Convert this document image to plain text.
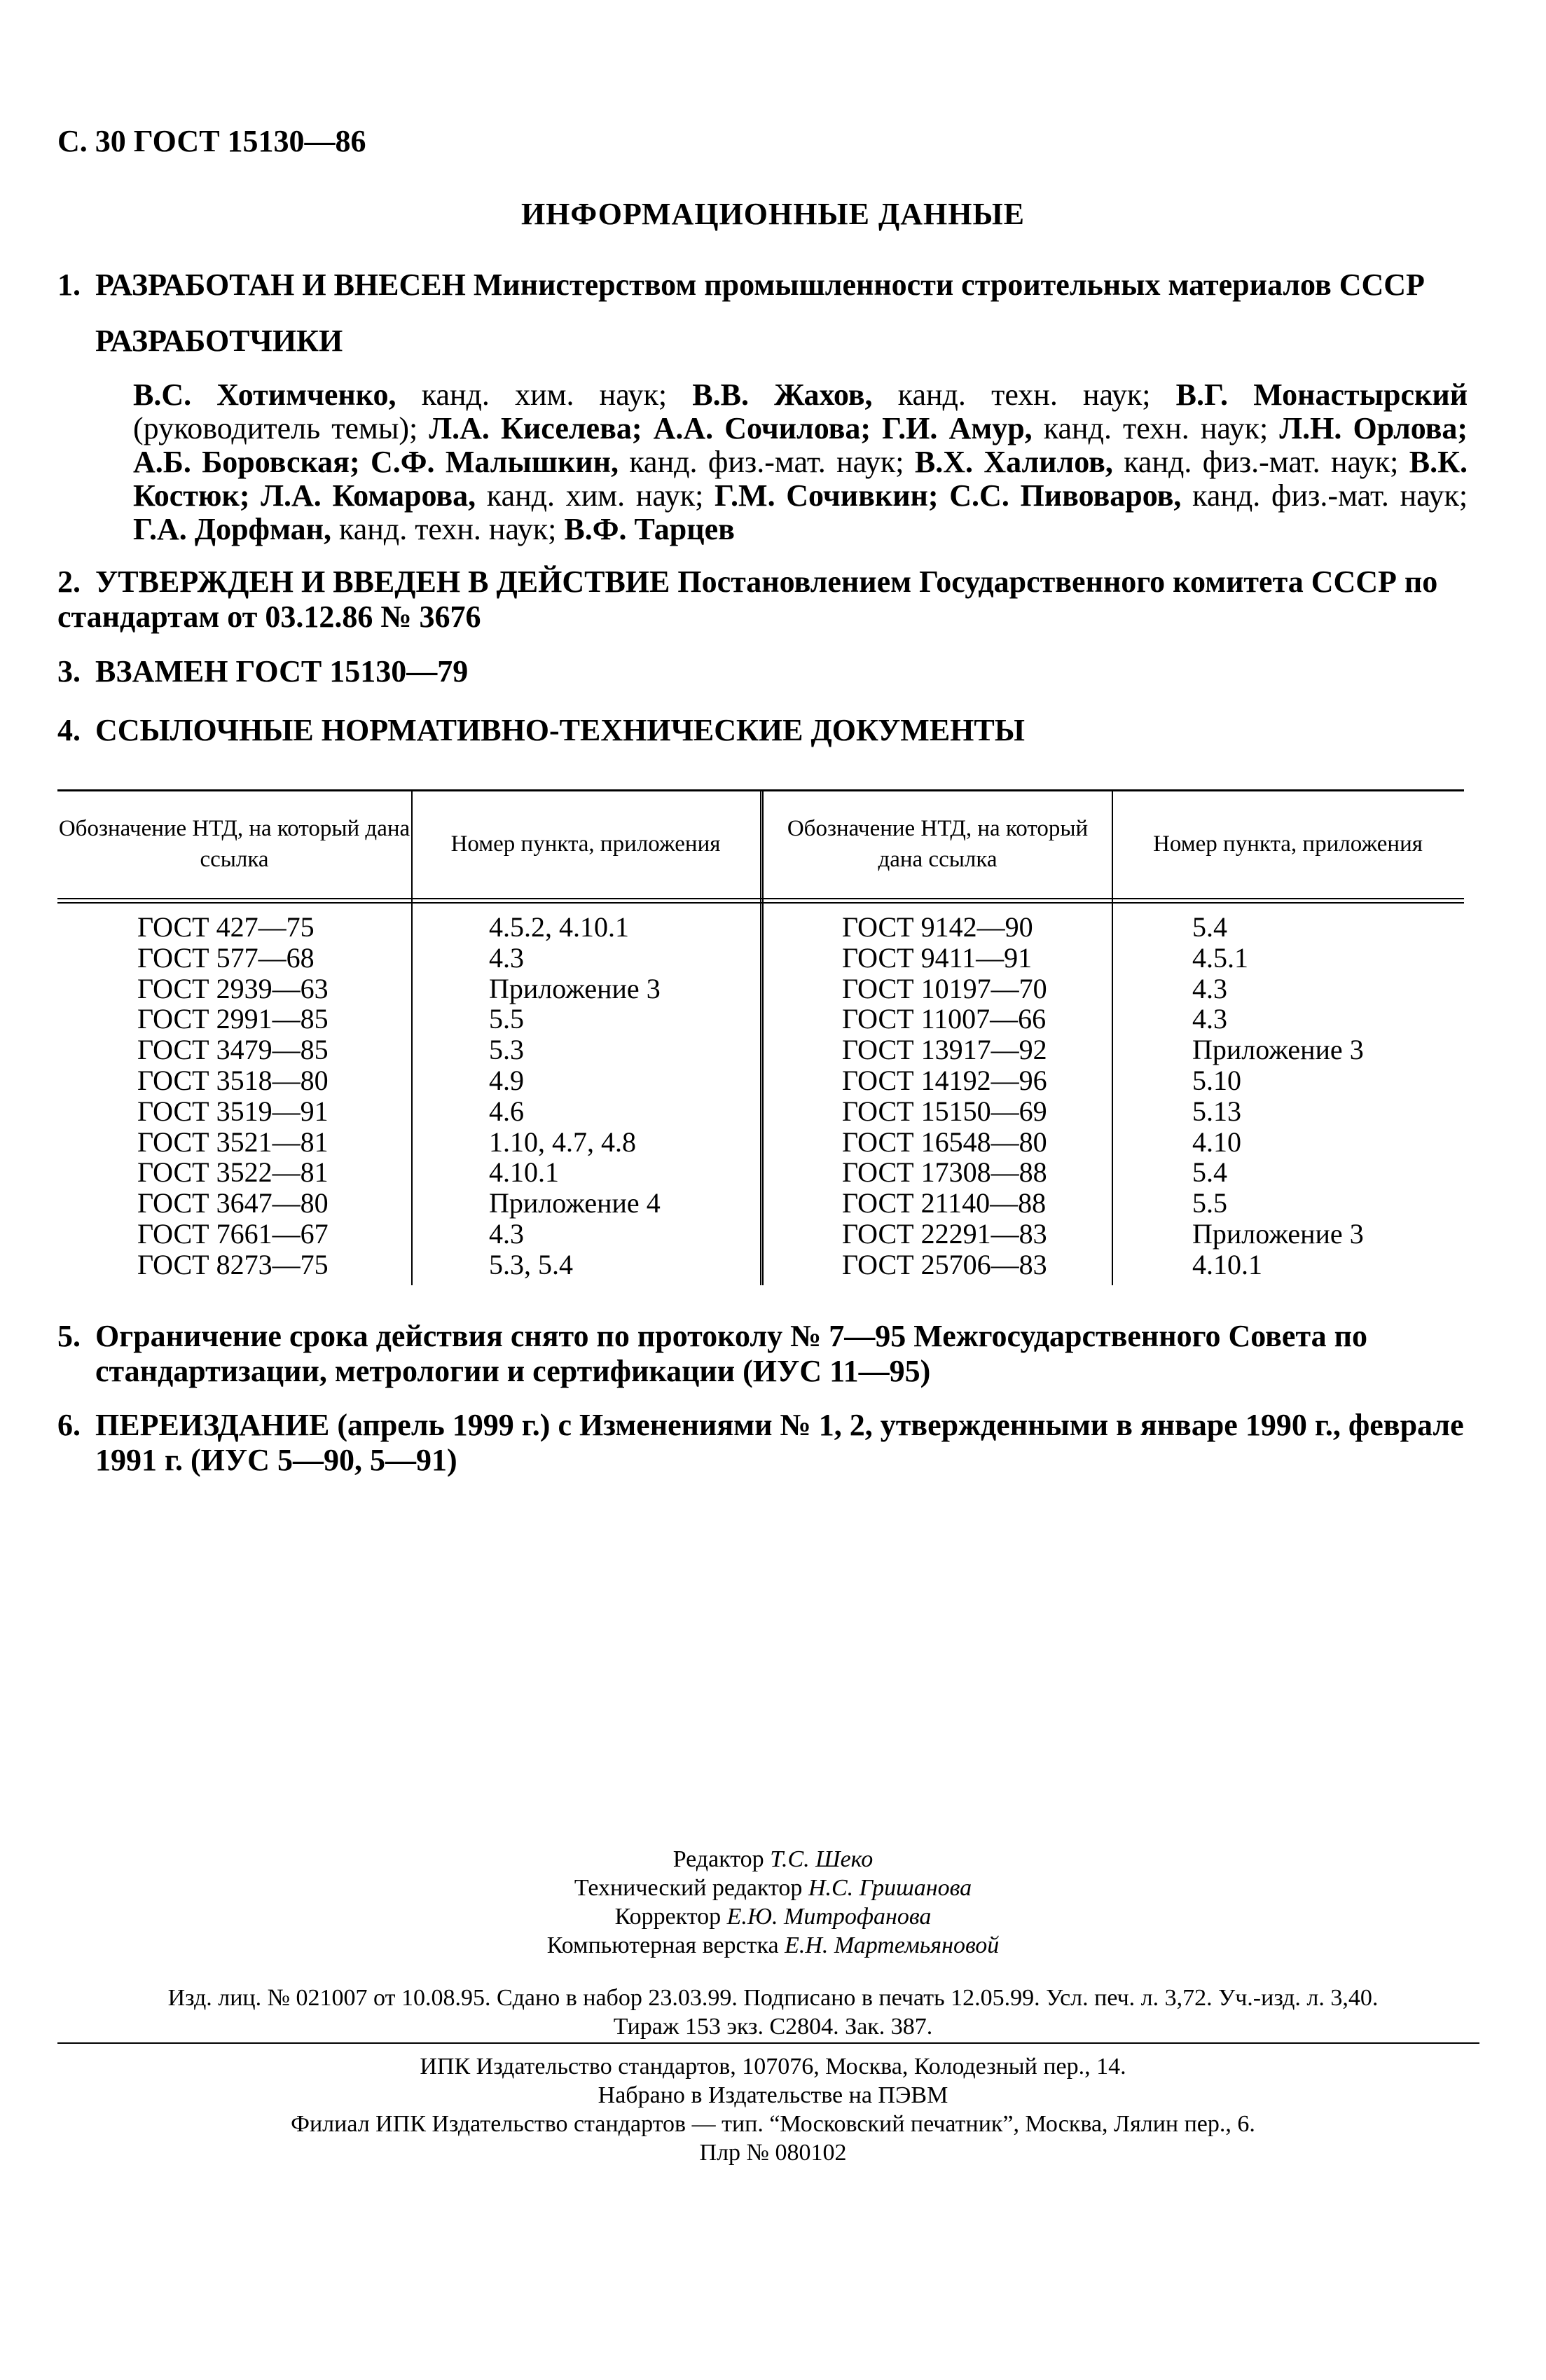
С. 30 ГОСТ 15130—86
ИНФОРМАЦИОННЫЕ ДАННЫЕ
1. РАЗРАБОТАН И ВНЕСЕН Министерством промышленности строительных материалов СССР
РАЗРАБОТЧИКИ
В.С. Хотимченко, канд. хим. наук; В.В. Жахов, канд. техн. наук; В.Г. Монастырский (руководитель темы); Л.А. Киселева; А.А. Сочилова; Г.И. Амур, канд. техн. наук; Л.Н. Орлова; А.Б. Боровская; С.Ф. Малышкин, канд. физ.-мат. наук; В.Х. Халилов, канд. физ.-мат. наук; В.К. Костюк; Л.А. Комарова, канд. хим. наук; Г.М. Сочивкин; С.С. Пивоваров, канд. физ.-мат. наук; Г.А. Дорфман, канд. техн. наук; В.Ф. Тарцев
2. УТВЕРЖДЕН И ВВЕДЕН В ДЕЙСТВИЕ Постановлением Государственного комитета СССР по стандартам от 03.12.86 № 3676
3. ВЗАМЕН ГОСТ 15130—79
4. ССЫЛОЧНЫЕ НОРМАТИВНО-ТЕХНИЧЕСКИЕ ДОКУМЕНТЫ
Обозначение НТД, на который дана ссылка
Номер пункта, приложения
Обозначение НТД, на который дана ссылка
Номер пункта, приложения
ГОСТ 427—75
ГОСТ 577—68
ГОСТ 2939—63
ГОСТ 2991—85
ГОСТ 3479—85
ГОСТ 3518—80
ГОСТ 3519—91
ГОСТ 3521—81
ГОСТ 3522—81
ГОСТ 3647—80
ГОСТ 7661—67
ГОСТ 8273—75
4.5.2, 4.10.1
4.3
Приложение 3
5.5
5.3
4.9
4.6
1.10, 4.7, 4.8
4.10.1
Приложение 4
4.3
5.3, 5.4
ГОСТ 9142—90
ГОСТ 9411—91
ГОСТ 10197—70
ГОСТ 11007—66
ГОСТ 13917—92
ГОСТ 14192—96
ГОСТ 15150—69
ГОСТ 16548—80
ГОСТ 17308—88
ГОСТ 21140—88
ГОСТ 22291—83
ГОСТ 25706—83
5.4
4.5.1
4.3
4.3
Приложение 3
5.10
5.13
4.10
5.4
5.5
Приложение 3
4.10.1
5. Ограничение срока действия снято по протоколу № 7—95 Межгосударственного Совета по стандартизации, метрологии и сертификации (ИУС 11—95)
6. ПЕРЕИЗДАНИЕ (апрель 1999 г.) с Изменениями № 1, 2, утвержденными в январе 1990 г., феврале 1991 г. (ИУС 5—90, 5—91)
Редактор Т.С. Шеко
Технический редактор Н.С. Гришанова
Корректор Е.Ю. Митрофанова
Компьютерная верстка Е.Н. Мартемьяновой
Изд. лиц. № 021007 от 10.08.95. Сдано в набор 23.03.99. Подписано в печать 12.05.99. Усл. печ. л. 3,72. Уч.-изд. л. 3,40.
Тираж 153 экз. С2804. Зак. 387.
ИПК Издательство стандартов, 107076, Москва, Колодезный пер., 14.
Набрано в Издательстве на ПЭВМ
Филиал ИПК Издательство стандартов — тип. “Московский печатник”, Москва, Лялин пер., 6.
Плр № 080102
